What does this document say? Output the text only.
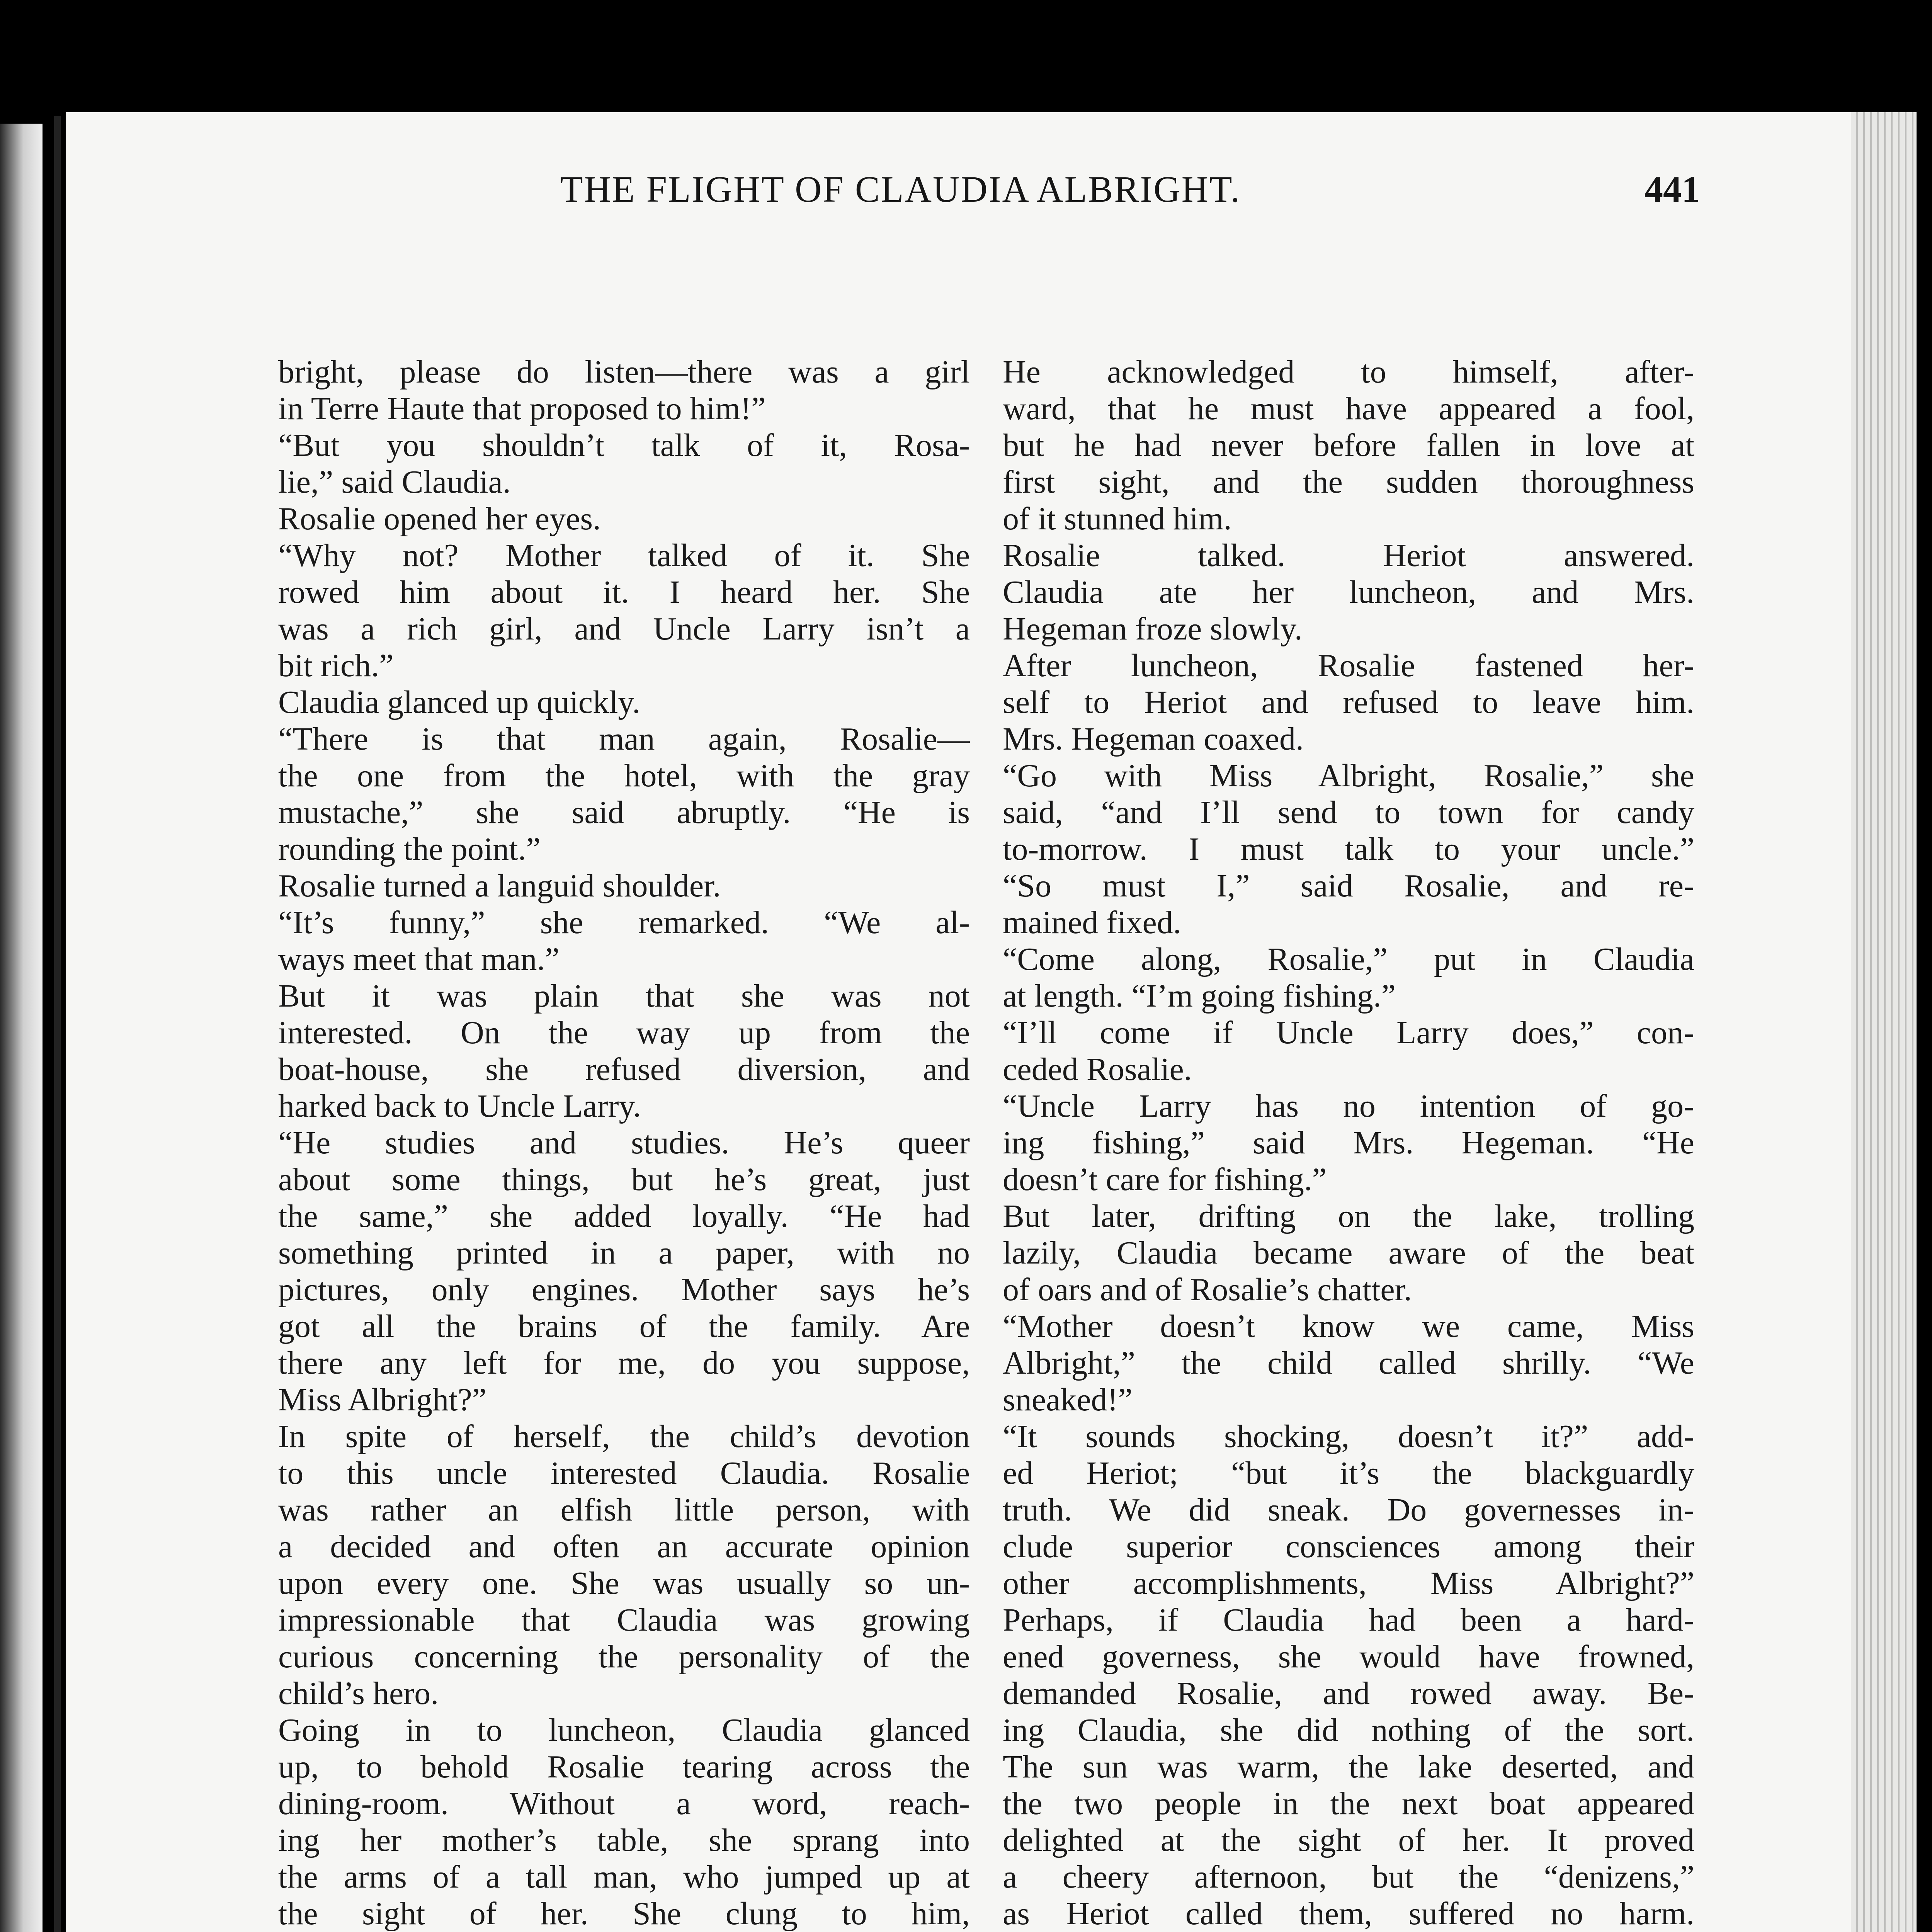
THE FLIGHT OF CLAUDIA ALBRIGHT.	441
bright, please do listen—there was a girl
in Terre Haute that proposed to him!”
“But you shouldn’t talk of it, Rosa-
lie,” said Claudia.
Rosalie opened her eyes.
“Why not? Mother talked of it. She
rowed him about it. I heard her. She
was a rich girl, and Uncle Larry isn’t a
bit rich.”
Claudia glanced up quickly.
“There is that man again, Rosalie—
the one from the hotel, with the gray
mustache,” she said abruptly. “He is
rounding the point.”
Rosalie turned a languid shoulder.
“It’s funny,” she remarked. “We al-
ways meet that man.”
But it was plain that she was not
interested. On the way up from the
boat-house, she refused diversion, and
harked back to Uncle Larry.
“He studies and studies. He’s queer
about some things, but he’s great, just
the same,” she added loyally. “He had
something printed in a paper, with no
pictures, only engines. Mother says he’s
got all the brains of the family. Are
there any left for me, do you suppose,
Miss Albright?”
In spite of herself, the child’s devotion
to this uncle interested Claudia. Rosalie
was rather an elfish little person, with
a decided and often an accurate opinion
upon every one. She was usually so un-
impressionable that Claudia was growing
curious concerning the personality of the
child’s hero.
Going in to luncheon, Claudia glanced
up, to behold Rosalie tearing across the
dining-room. Without a word, reach-
ing her mother’s table, she sprang into
the arms of a tall man, who jumped up at
the sight of her. She clung to him,
He acknowledged to himself, after-
ward, that he must have appeared a fool,
but he had never before fallen in love at
first sight, and the sudden thoroughness
of it stunned him.
Rosalie talked. Heriot answered.
Claudia ate her luncheon, and Mrs.
Hegeman froze slowly.
After luncheon, Rosalie fastened her-
self to Heriot and refused to leave him.
Mrs. Hegeman coaxed.
“Go with Miss Albright, Rosalie,” she
said, “and I’ll send to town for candy
to-morrow. I must talk to your uncle.”
“So must I,” said Rosalie, and re-
mained fixed.
“Come along, Rosalie,” put in Claudia
at length. “I’m going fishing.”
“I’ll come if Uncle Larry does,” con-
ceded Rosalie.
“Uncle Larry has no intention of go-
ing fishing,” said Mrs. Hegeman. “He
doesn’t care for fishing.”
But later, drifting on the lake, trolling
lazily, Claudia became aware of the beat
of oars and of Rosalie’s chatter.
“Mother doesn’t know we came, Miss
Albright,” the child called shrilly. “We
sneaked!”
“It sounds shocking, doesn’t it?” add-
ed Heriot; “but it’s the blackguardly
truth. We did sneak. Do governesses in-
clude superior consciences among their
other accomplishments, Miss Albright?”
Perhaps, if Claudia had been a hard-
ened governess, she would have frowned,
demanded Rosalie, and rowed away. Be-
ing Claudia, she did nothing of the sort.
The sun was warm, the lake deserted, and
the two people in the next boat appeared
delighted at the sight of her. It proved
a cheery afternoon, but the “denizens,”
as Heriot called them, suffered no harm.
